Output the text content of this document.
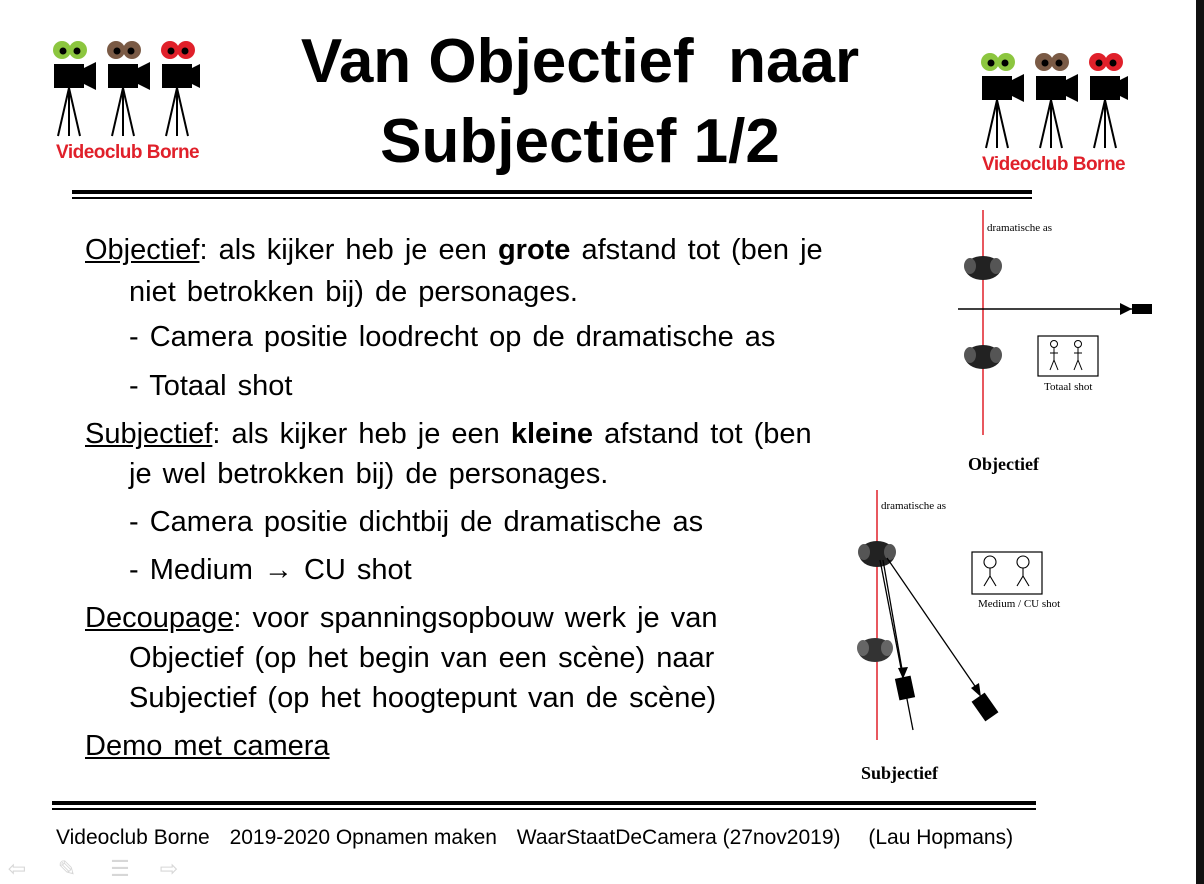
Videoclub Borne
Videoclub Borne
Van Objectief  naar
Subjectief 1/2
Objectief: als kijker heb je een grote afstand tot (ben je
niet betrokken bij) de personages.
- Camera positie loodrecht op de dramatische as
- Totaal shot
Subjectief: als kijker heb je een kleine afstand tot (ben
je wel betrokken bij) de personages.
- Camera positie dichtbij de dramatische as
- Medium → CU shot
Decoupage: voor spanningsopbouw werk je van
Objectief (op het begin van een scène) naar
Subjectief (op het hoogtepunt van de scène)
Demo met camera
dramatische as
Totaal shot
Objectief
dramatische as
Medium / CU shot
Subjectief
Videoclub Borne 2019-2020 Opnamen maken WaarStaatDeCamera (27nov2019) (Lau Hopmans)
⇦	✎	☰	⇨
